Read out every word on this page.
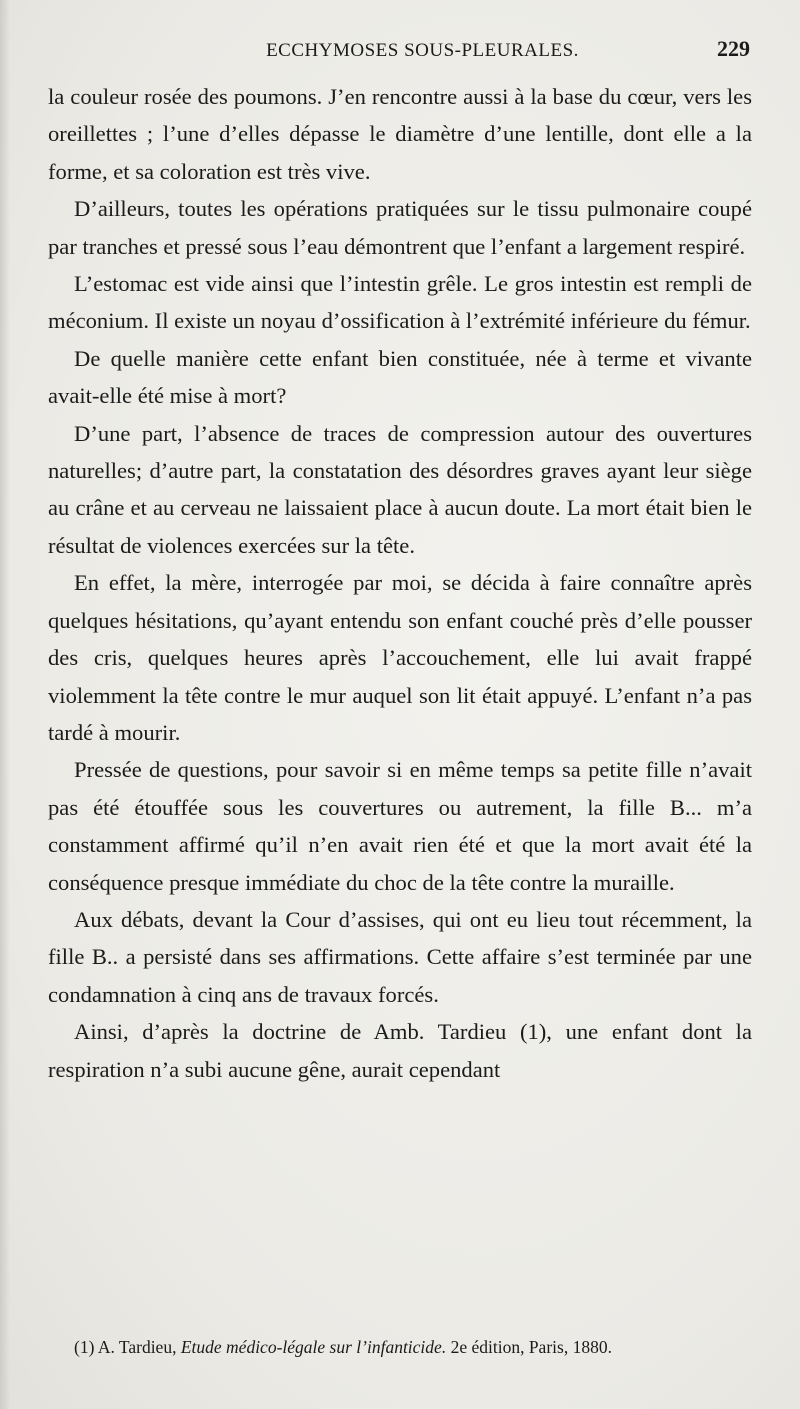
ECCHYMOSES SOUS-PLEURALES.	229

la couleur rosée des poumons. J’en rencontre aussi à la base du cœur, vers les oreillettes ; l’une d’elles dépasse le diamètre d’une lentille, dont elle a la forme, et sa coloration est très vive.

D’ailleurs, toutes les opérations pratiquées sur le tissu pulmonaire coupé par tranches et pressé sous l’eau démontrent que l’enfant a largement respiré.

L’estomac est vide ainsi que l’intestin grêle. Le gros intestin est rempli de méconium. Il existe un noyau d’ossification à l’extrémité inférieure du fémur.

De quelle manière cette enfant bien constituée, née à terme et vivante avait-elle été mise à mort?

D’une part, l’absence de traces de compression autour des ouvertures naturelles; d’autre part, la constatation des désordres graves ayant leur siège au crâne et au cerveau ne laissaient place à aucun doute. La mort était bien le résultat de violences exercées sur la tête.

En effet, la mère, interrogée par moi, se décida à faire connaître après quelques hésitations, qu’ayant entendu son enfant couché près d’elle pousser des cris, quelques heures après l’accouchement, elle lui avait frappé violemment la tête contre le mur auquel son lit était appuyé. L’enfant n’a pas tardé à mourir.

Pressée de questions, pour savoir si en même temps sa petite fille n’avait pas été étouffée sous les couvertures ou autrement, la fille B... m’a constamment affirmé qu’il n’en avait rien été et que la mort avait été la conséquence presque immédiate du choc de la tête contre la muraille.

Aux débats, devant la Cour d’assises, qui ont eu lieu tout récemment, la fille B.. a persisté dans ses affirmations. Cette affaire s’est terminée par une condamnation à cinq ans de travaux forcés.

Ainsi, d’après la doctrine de Amb. Tardieu (1), une enfant dont la respiration n’a subi aucune gêne, aurait cependant

(1) A. Tardieu, Etude médico-légale sur l’infanticide. 2e édition, Paris, 1880.
